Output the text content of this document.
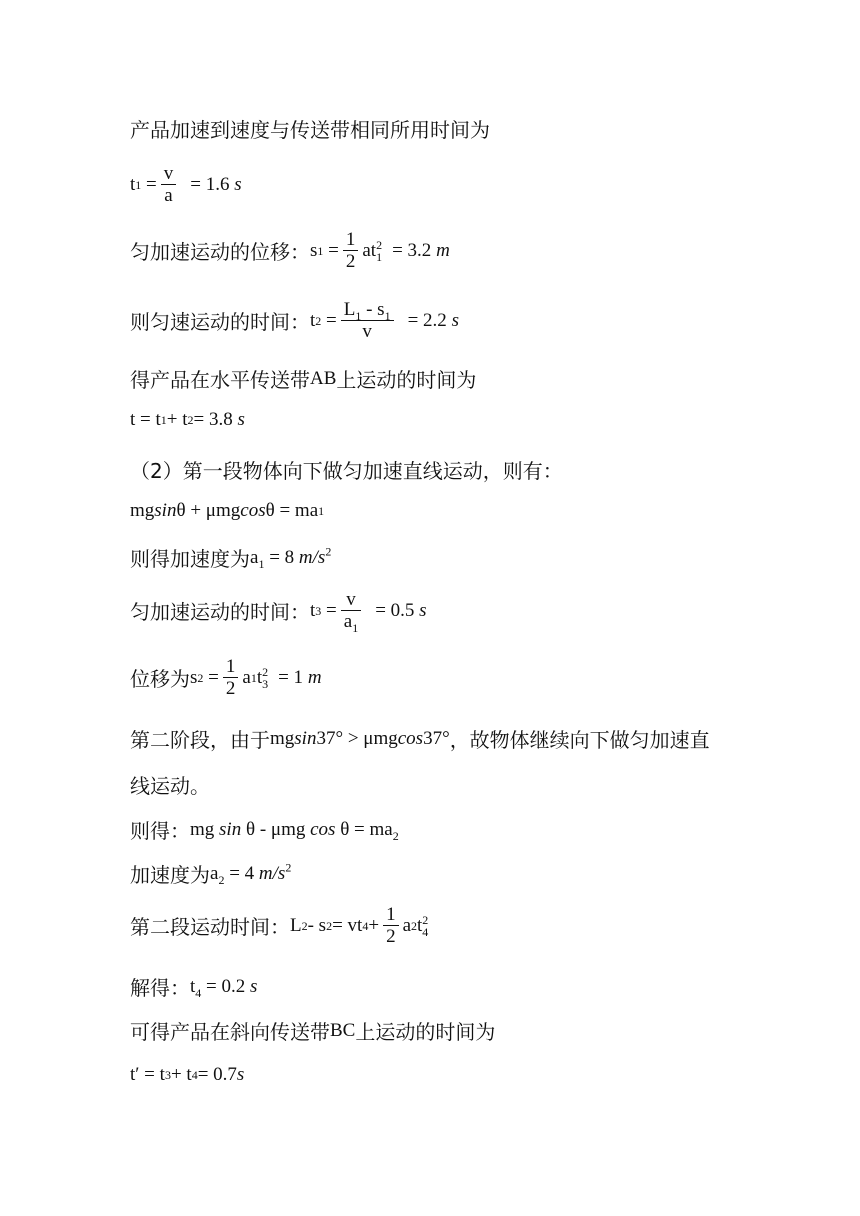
产品加速到速度与传送带相同所用时间为
t $1 = \frac{v}{a} = 1.6$
s
匀加速运动的位移： s $1 = \frac{1}{2}$ at 2
1 = 3.2
m
则匀速运动的时间： t $2 = \frac{L_1 - s_1}{v} = 2.2$
s
得产品在水平传送带 AB 上运动的时间为
t = t 1 + t 2 = 3.8
s
（2）第一段物体向下做匀加速直线运动，则有：
mg sin θ + μmg cos θ = ma 1
则得加速度为 $a_1 = 8$ $m/s^2$
匀加速运动的时间： t $3 = \frac{v}{a_1} = 0.5$
s
位移为 s $2 = \frac{1}{2}$ a 1 t 2
3 = 1
m
第二阶段，由于 mg sin 37° > μmg cos 37° ，故物体继续向下做匀加速直
线运动。
则得： mg sin θ - μmg $\cos \theta = ma_2$
加速度为 $a_2 = 4$ $m/s^2$
第二段运动时间： L 2 - s 2 = vt $4 + \frac{1}{2}$ a 2 t 2
4
解得： $t_4 = 0.2$ s
可得产品在斜向传送带 BC 上运动的时间为
t′ = t 3 + t 4 = 0.7 s
